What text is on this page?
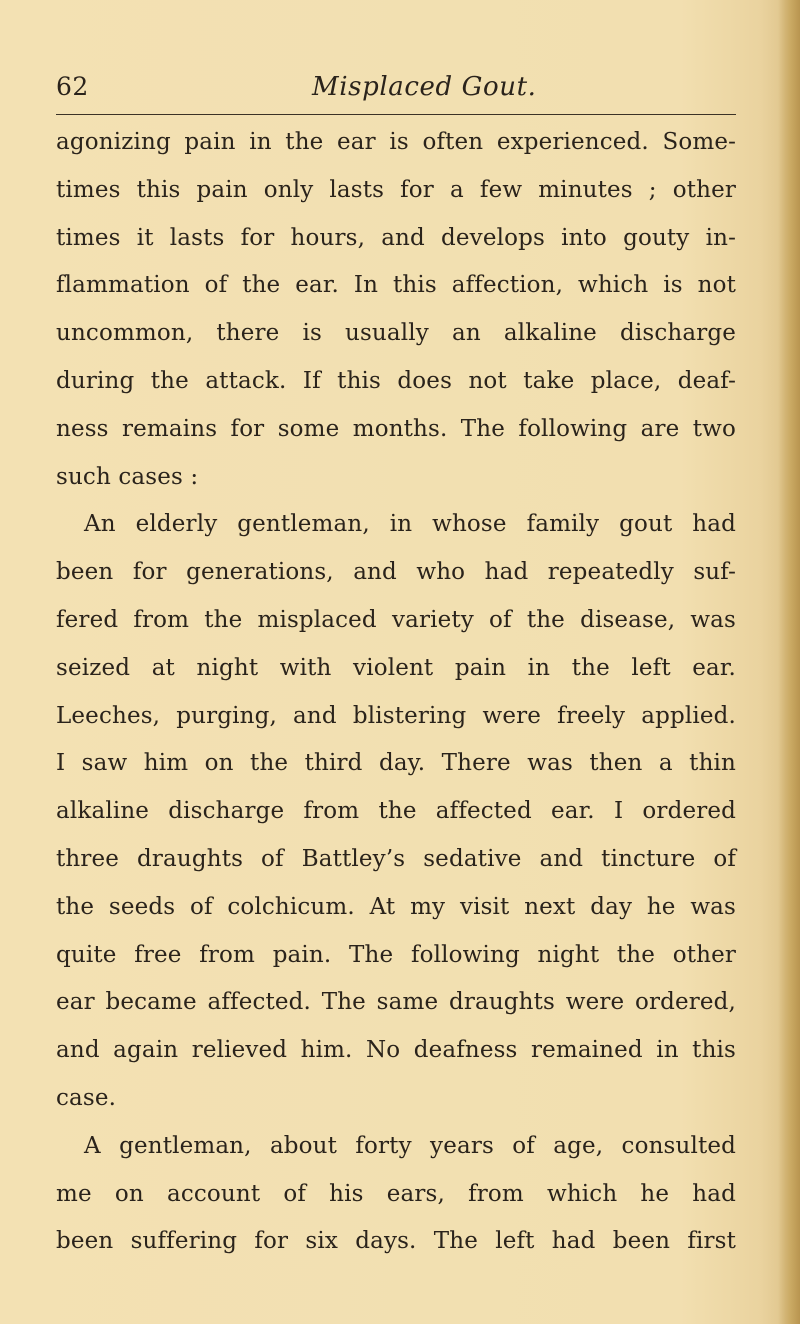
62	Misplaced Gout.
agonizing pain in the ear is often experienced. Some-
times this pain only lasts for a few minutes ; other
times it lasts for hours, and develops into gouty in-
flammation of the ear. In this affection, which is not
uncommon, there is usually an alkaline discharge
during the attack. If this does not take place, deaf-
ness remains for some months. The following are two
such cases :
An elderly gentleman, in whose family gout had
been for generations, and who had repeatedly suf-
fered from the misplaced variety of the disease, was
seized at night with violent pain in the left ear.
Leeches, purging, and blistering were freely applied.
I saw him on the third day. There was then a thin
alkaline discharge from the affected ear. I ordered
three draughts of Battley’s sedative and tincture of
the seeds of colchicum. At my visit next day he was
quite free from pain. The following night the other
ear became affected. The same draughts were ordered,
and again relieved him. No deafness remained in this
case.
A gentleman, about forty years of age, consulted
me on account of his ears, from which he had
been suffering for six days. The left had been first
